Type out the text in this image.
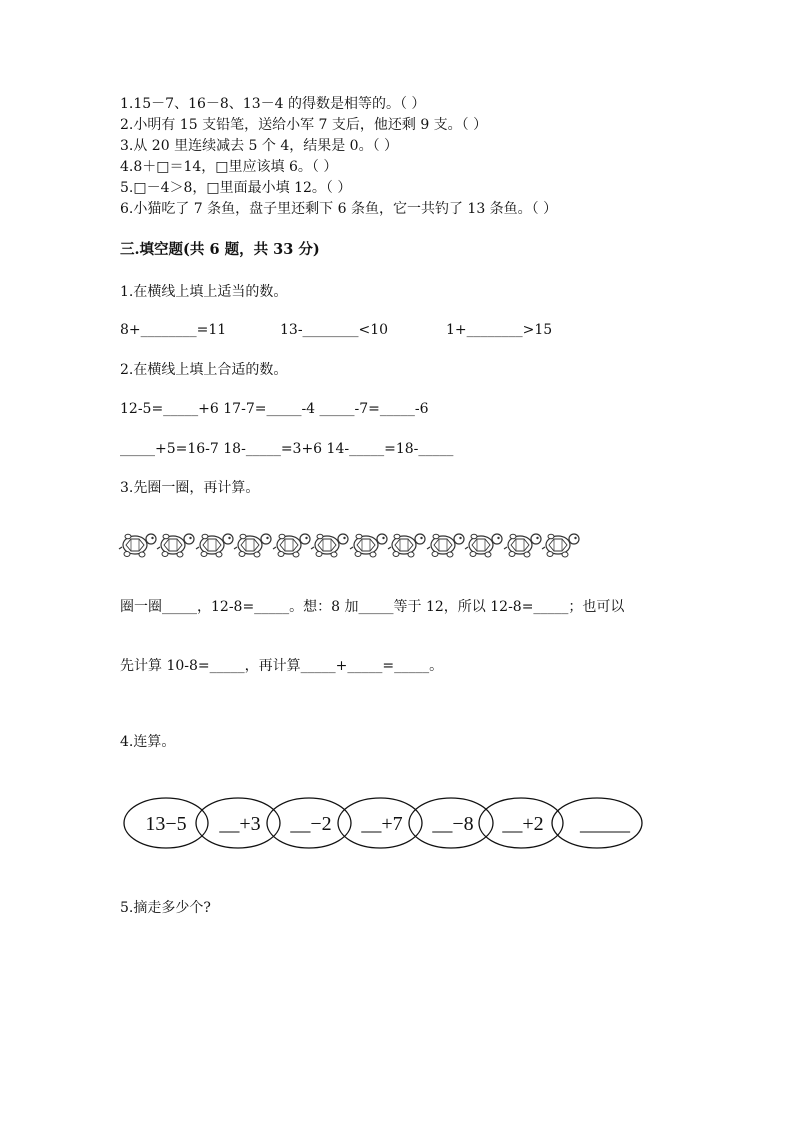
1.15－7、16－8、13－4 的得数是相等的。（ ）
2.小明有 15 支铅笔，送给小军 7 支后，他还剩 9 支。（ ）
3.从 20 里连续减去 5 个 4，结果是 0。（ ）
4.8＋□＝14，□里应该填 6。（ ）
5.□－4＞8，□里面最小填 12。（ ）
6.小猫吃了 7 条鱼，盘子里还剩下 6 条鱼，它一共钓了 13 条鱼。（ ）
三.填空题(共 6 题，共 33 分)
1.在横线上填上适当的数。
8+________=11	13-________<10	1+________>15
2.在横线上填上合适的数。
12-5=_____+6 17-7=_____-4 _____-7=_____-6
_____+5=16-7 18-_____=3+6 14-_____=18-_____
3.先圈一圈，再计算。
圈一圈_____，12-8=_____。想：8 加_____等于 12，所以 12-8=_____；也可以
先计算 10-8=_____，再计算_____+_____=_____。
4.连算。
13−5 __+3 __−2 __+7 __−8 __+2 _____
5.摘走多少个?
